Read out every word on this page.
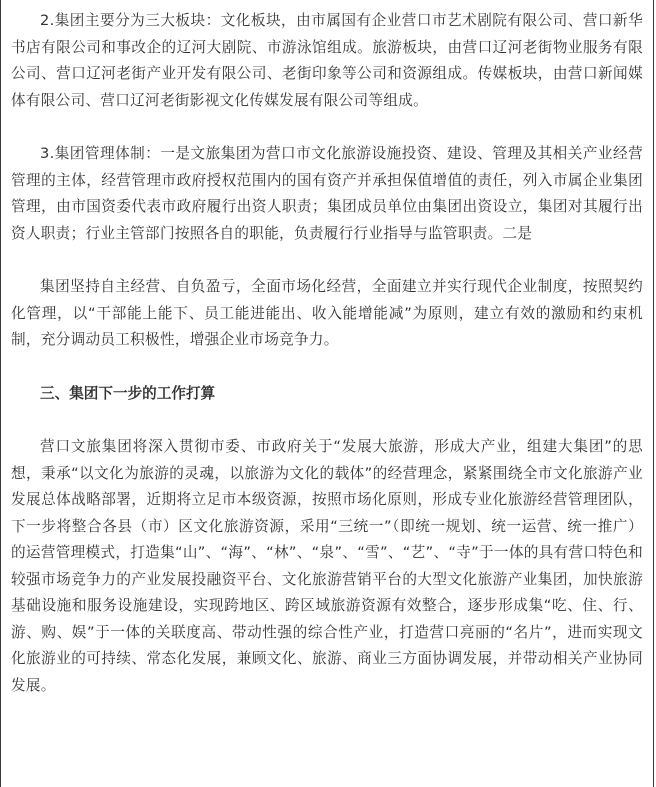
2.集团主要分为三大板块：文化板块，由市属国有企业营口市艺术剧院有限公司、营口新华书店有限公司和事改企的辽河大剧院、市游泳馆组成。旅游板块，由营口辽河老街物业服务有限公司、营口辽河老街产业开发有限公司、老街印象等公司和资源组成。传媒板块，由营口新闻媒体有限公司、营口辽河老街影视文化传媒发展有限公司等组成。

3.集团管理体制：一是文旅集团为营口市文化旅游设施投资、建设、管理及其相关产业经营管理的主体，经营管理市政府授权范围内的国有资产并承担保值增值的责任，列入市属企业集团管理，由市国资委代表市政府履行出资人职责；集团成员单位由集团出资设立，集团对其履行出资人职责；行业主管部门按照各自的职能，负责履行行业指导与监管职责。二是

集团坚持自主经营、自负盈亏，全面市场化经营，全面建立并实行现代企业制度，按照契约化管理，以“干部能上能下、员工能进能出、收入能增能减”为原则，建立有效的激励和约束机制，充分调动员工积极性，增强企业市场竞争力。

三、集团下一步的工作打算

营口文旅集团将深入贯彻市委、市政府关于“发展大旅游，形成大产业，组建大集团”的思想，秉承“以文化为旅游的灵魂，以旅游为文化的载体”的经营理念，紧紧围绕全市文化旅游产业发展总体战略部署，近期将立足市本级资源，按照市场化原则，形成专业化旅游经营管理团队，下一步将整合各县（市）区文化旅游资源，采用“三统一”（即统一规划、统一运营、统一推广）的运营管理模式，打造集“山”、“海”、“林”、“泉”、“雪”、“艺”、“寺”于一体的具有营口特色和较强市场竞争力的产业发展投融资平台、文化旅游营销平台的大型文化旅游产业集团，加快旅游基础设施和服务设施建设，实现跨地区、跨区域旅游资源有效整合，逐步形成集“吃、住、行、游、购、娱”于一体的关联度高、带动性强的综合性产业，打造营口亮丽的“名片”，进而实现文化旅游业的可持续、常态化发展，兼顾文化、旅游、商业三方面协调发展，并带动相关产业协同发展。
